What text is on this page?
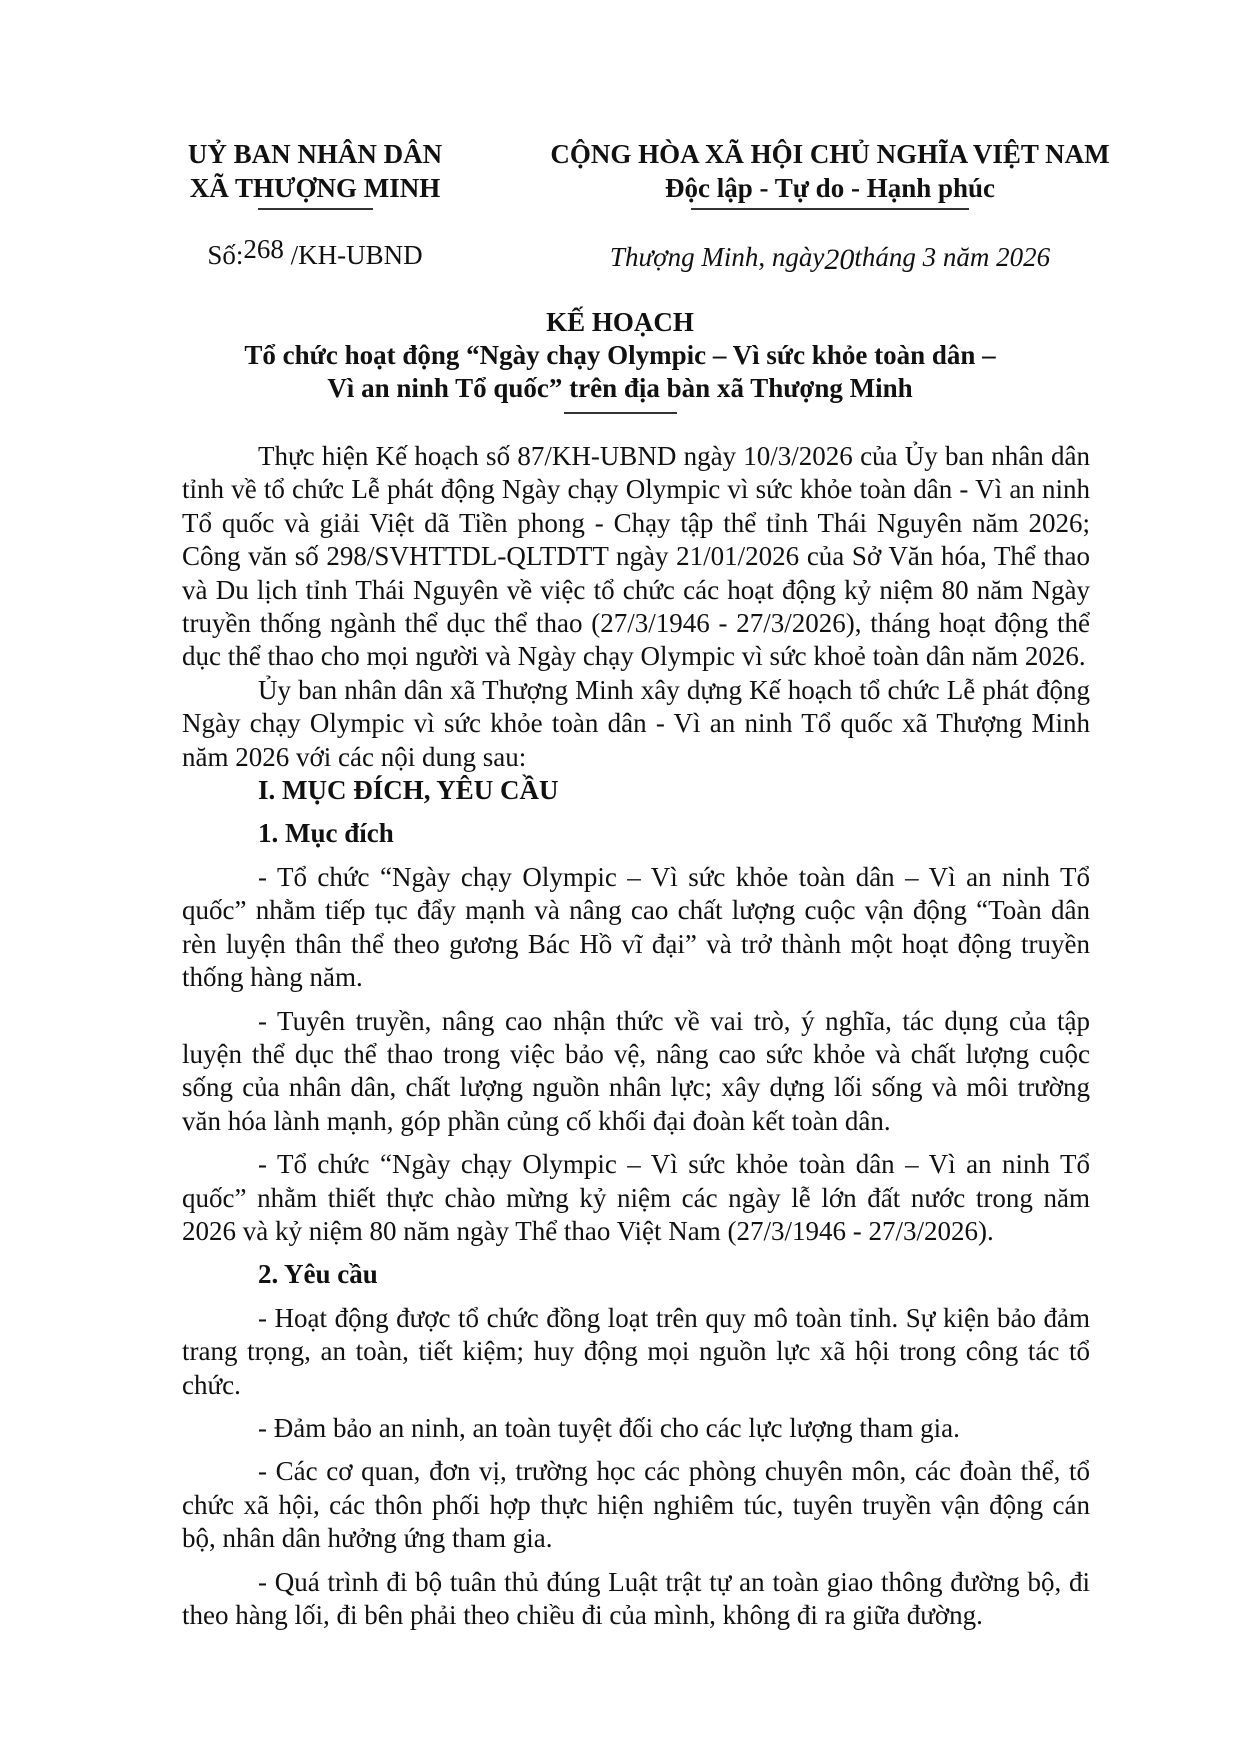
UỶ BAN NHÂN DÂN
XÃ THƯỢNG MINH
CỘNG HÒA XÃ HỘI CHỦ NGHĨA VIỆT NAM
Độc lập - Tự do - Hạnh phúc
Số:268 /KH-UBND	Thượng Minh, ngày20tháng 3 năm 2026
KẾ HOẠCH
Tổ chức hoạt động “Ngày chạy Olympic – Vì sức khỏe toàn dân –
Vì an ninh Tổ quốc” trên địa bàn xã Thượng Minh

Thực hiện Kế hoạch số 87/KH-UBND ngày 10/3/2026 của Ủy ban nhân dân tỉnh về tổ chức Lễ phát động Ngày chạy Olympic vì sức khỏe toàn dân - Vì an ninh Tổ quốc và giải Việt dã Tiền phong - Chạy tập thể tỉnh Thái Nguyên năm 2026; Công văn số 298/SVHTTDL-QLTDTT ngày 21/01/2026 của Sở Văn hóa, Thể thao và Du lịch tỉnh Thái Nguyên về việc tổ chức các hoạt động kỷ niệm 80 năm Ngày truyền thống ngành thể dục thể thao (27/3/1946 - 27/3/2026), tháng hoạt động thể dục thể thao cho mọi người và Ngày chạy Olympic vì sức khoẻ toàn dân năm 2026.

Ủy ban nhân dân xã Thượng Minh xây dựng Kế hoạch tổ chức Lễ phát động Ngày chạy Olympic vì sức khỏe toàn dân - Vì an ninh Tổ quốc xã Thượng Minh năm 2026 với các nội dung sau:

I. MỤC ĐÍCH, YÊU CẦU

1. Mục đích

- Tổ chức “Ngày chạy Olympic – Vì sức khỏe toàn dân – Vì an ninh Tổ quốc” nhằm tiếp tục đẩy mạnh và nâng cao chất lượng cuộc vận động “Toàn dân rèn luyện thân thể theo gương Bác Hồ vĩ đại” và trở thành một hoạt động truyền thống hàng năm.

- Tuyên truyền, nâng cao nhận thức về vai trò, ý nghĩa, tác dụng của tập luyện thể dục thể thao trong việc bảo vệ, nâng cao sức khỏe và chất lượng cuộc sống của nhân dân, chất lượng nguồn nhân lực; xây dựng lối sống và môi trường văn hóa lành mạnh, góp phần củng cố khối đại đoàn kết toàn dân.

- Tổ chức “Ngày chạy Olympic – Vì sức khỏe toàn dân – Vì an ninh Tổ quốc” nhằm thiết thực chào mừng kỷ niệm các ngày lễ lớn đất nước trong năm 2026 và kỷ niệm 80 năm ngày Thể thao Việt Nam (27/3/1946 - 27/3/2026).

2. Yêu cầu

- Hoạt động được tổ chức đồng loạt trên quy mô toàn tỉnh. Sự kiện bảo đảm trang trọng, an toàn, tiết kiệm; huy động mọi nguồn lực xã hội trong công tác tổ chức.

- Đảm bảo an ninh, an toàn tuyệt đối cho các lực lượng tham gia.

- Các cơ quan, đơn vị, trường học các phòng chuyên môn, các đoàn thể, tổ chức xã hội, các thôn phối hợp thực hiện nghiêm túc, tuyên truyền vận động cán bộ, nhân dân hưởng ứng tham gia.

- Quá trình đi bộ tuân thủ đúng Luật trật tự an toàn giao thông đường bộ, đi theo hàng lối, đi bên phải theo chiều đi của mình, không đi ra giữa đường.
